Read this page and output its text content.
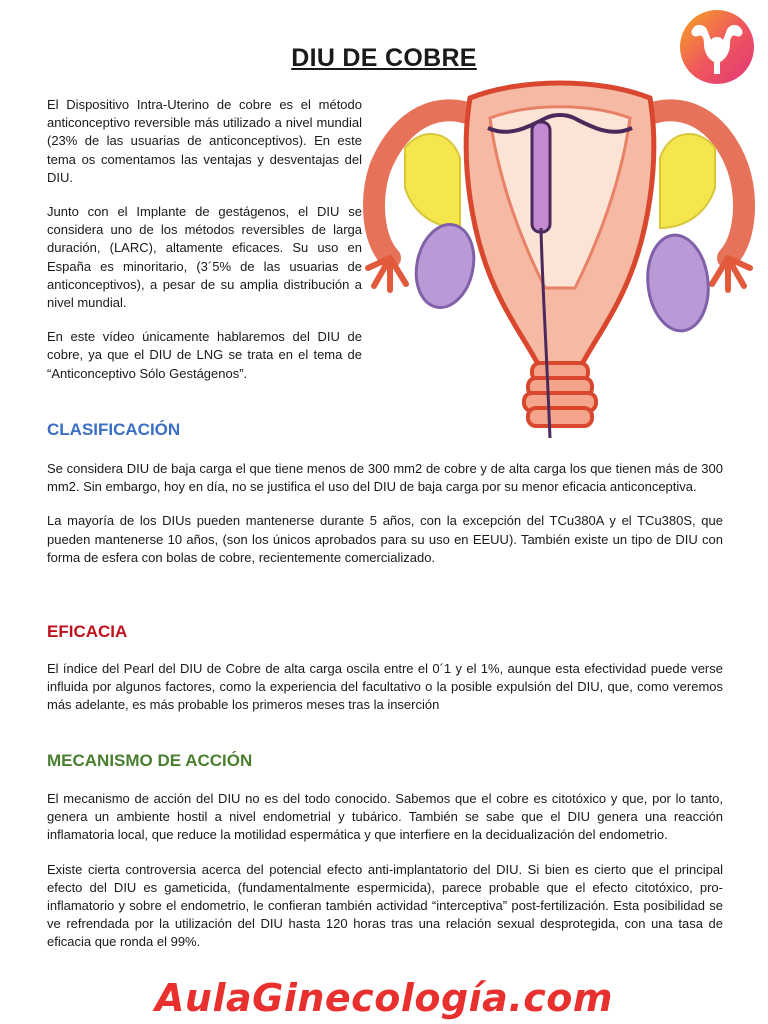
DIU DE COBRE

El Dispositivo Intra-Uterino de cobre es el método anticonceptivo reversible más utilizado a nivel mundial (23% de las usuarias de anticonceptivos). En este tema os comentamos las ventajas y desventajas del DIU.

Junto con el Implante de gestágenos, el DIU se considera uno de los métodos reversibles de larga duración, (LARC), altamente eficaces. Su uso en España es minoritario, (3´5% de las usuarias de anticonceptivos), a pesar de su amplia distribución a nivel mundial.

En este vídeo únicamente hablaremos del DIU de cobre, ya que el DIU de LNG se trata en el tema de “Anticonceptivo Sólo Gestágenos”.

CLASIFICACIÓN

Se considera DIU de baja carga el que tiene menos de 300 mm2 de cobre y de alta carga los que tienen más de 300 mm2. Sin embargo, hoy en día, no se justifica el uso del DIU de baja carga por su menor eficacia anticonceptiva.

La mayoría de los DIUs pueden mantenerse durante 5 años, con la excepción del TCu380A y el TCu380S, que pueden mantenerse 10 años, (son los únicos aprobados para su uso en EEUU). También existe un tipo de DIU con forma de esfera con bolas de cobre, recientemente comercializado.

EFICACIA

El índice del Pearl del DIU de Cobre de alta carga oscila entre el 0´1 y el 1%, aunque esta efectividad puede verse influida por algunos factores, como la experiencia del facultativo o la posible expulsión del DIU, que, como veremos más adelante, es más probable los primeros meses tras la inserción

MECANISMO DE ACCIÓN

El mecanismo de acción del DIU no es del todo conocido. Sabemos que el cobre es citotóxico y que, por lo tanto, genera un ambiente hostil a nivel endometrial y tubárico. También se sabe que el DIU genera una reacción inflamatoria local, que reduce la motilidad espermática y que interfiere en la decidualización del endometrio.

Existe cierta controversia acerca del potencial efecto anti-implantatorio del DIU. Si bien es cierto que el principal efecto del DIU es gameticida, (fundamentalmente espermicida), parece probable que el efecto citotóxico, pro-inflamatorio y sobre el endometrio, le confieran también actividad “interceptiva” post-fertilización. Esta posibilidad se ve refrendada por la utilización del DIU hasta 120 horas tras una relación sexual desprotegida, con una tasa de eficacia que ronda el 99%.

AulaGinecología.com
